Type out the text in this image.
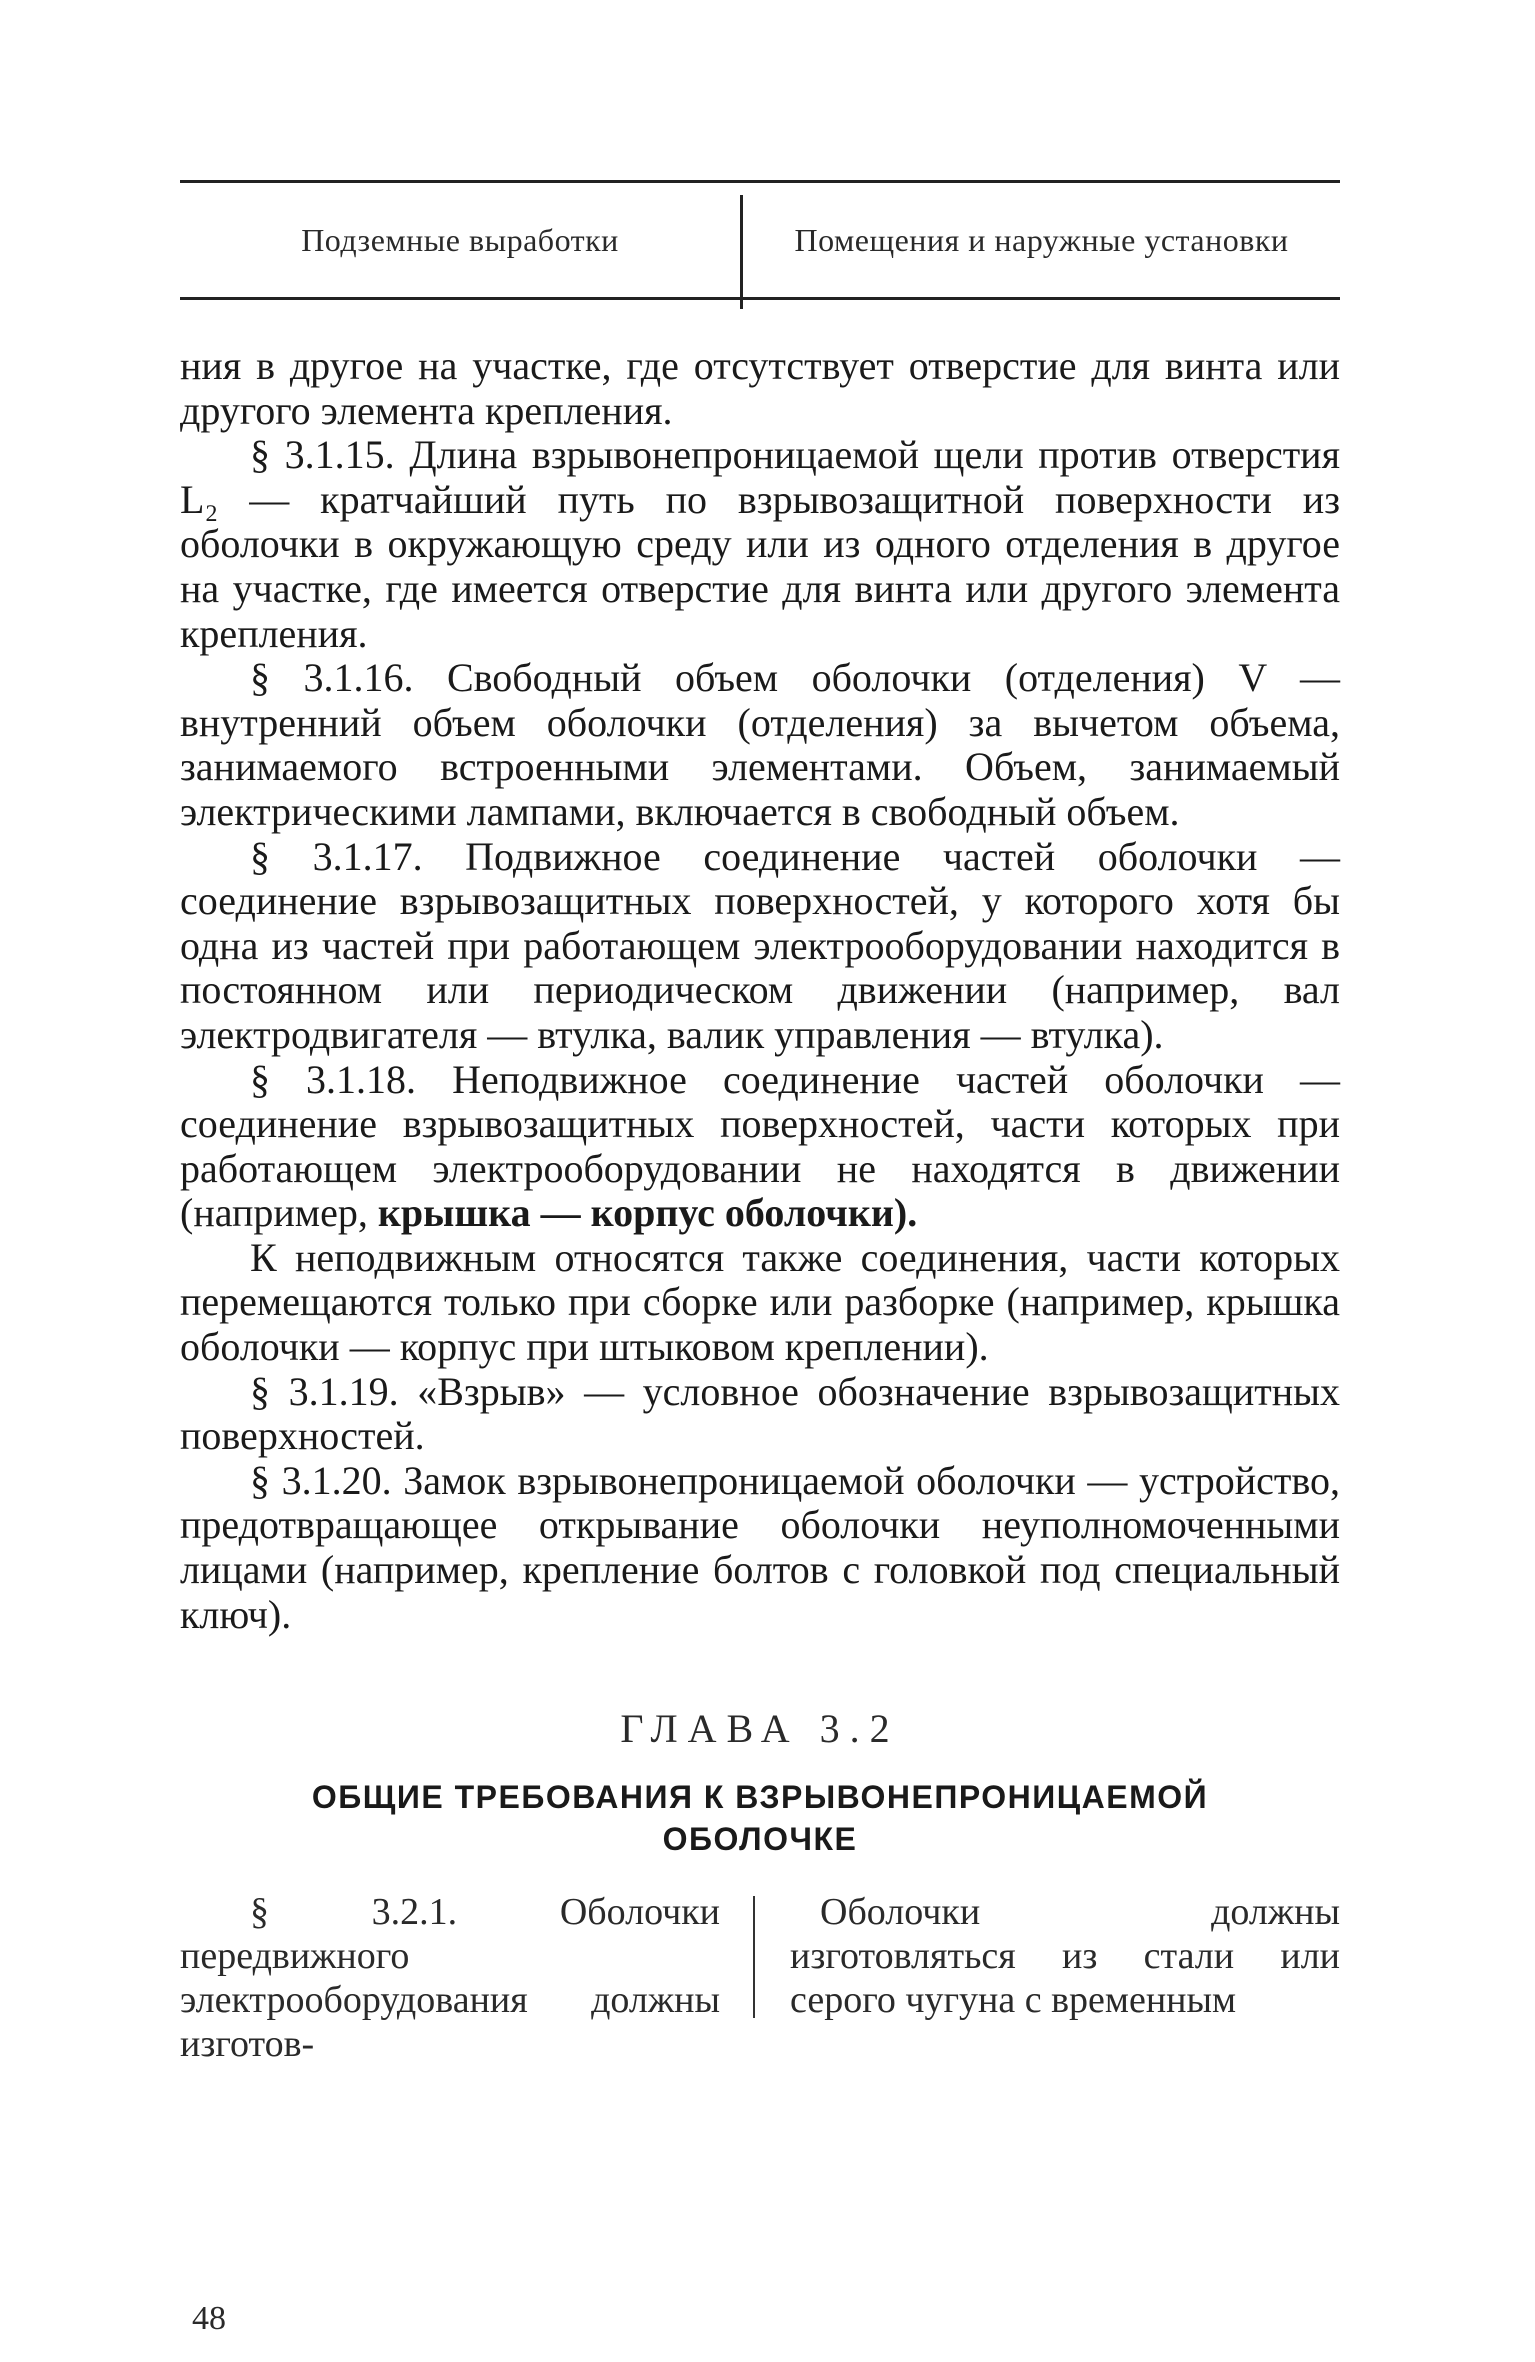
Подземные выработки	Помещения и наружные установки

ния в другое на участке, где отсутствует отверстие для винта или другого элемента крепления.

§ 3.1.15. Длина взрывонепроницаемой щели против отверстия L₂ — кратчайший путь по взрывозащитной поверхности из оболочки в окружающую среду или из одного отделения в другое на участке, где имеется отверстие для винта или другого элемента крепления.

§ 3.1.16. Свободный объем оболочки (отделения) V — внутренний объем оболочки (отделения) за вычетом объема, занимаемого встроенными элементами. Объем, занимаемый электрическими лампами, включается в свободный объем.

§ 3.1.17. Подвижное соединение частей оболочки — соединение взрывозащитных поверхностей, у которого хотя бы одна из частей при работающем электрооборудовании находится в постоянном или периодическом движении (например, вал электродвигателя — втулка, валик управления — втулка).

§ 3.1.18. Неподвижное соединение частей оболочки — соединение взрывозащитных поверхностей, части которых при работающем электрооборудовании не находятся в движении (например, крышка — корпус оболочки).

К неподвижным относятся также соединения, части которых перемещаются только при сборке или разборке (например, крышка оболочки — корпус при штыковом креплении).

§ 3.1.19. «Взрыв» — условное обозначение взрывозащитных поверхностей.

§ 3.1.20. Замок взрывонепроницаемой оболочки — устройство, предотвращающее открывание оболочки неуполномоченными лицами (например, крепление болтов с головкой под специальный ключ).

ГЛАВА 3.2
ОБЩИЕ ТРЕБОВАНИЯ К ВЗРЫВОНЕПРОНИЦАЕМОЙ
ОБОЛОЧКЕ
§ 3.2.1. Оболочки передвижного электрооборудования должны изготов-
Оболочки должны изготовляться из стали или серого чугуна с временным
48
